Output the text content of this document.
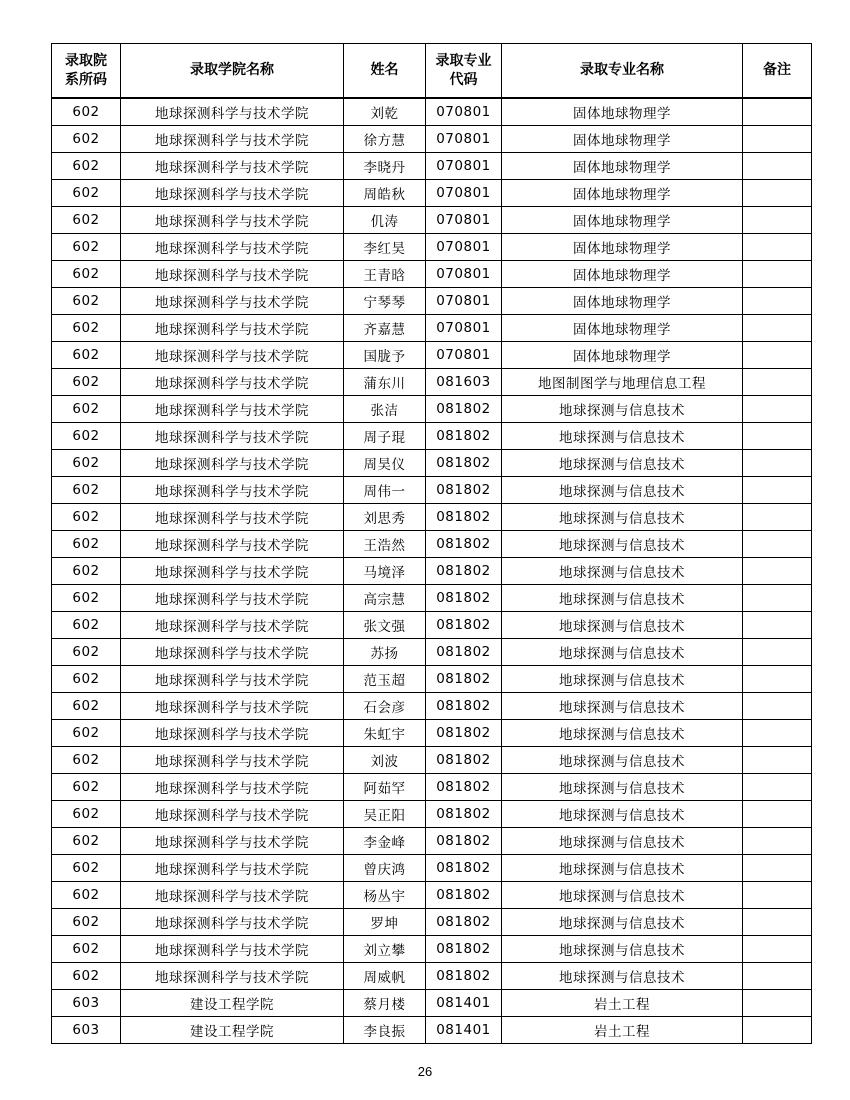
录取院系所码	录取学院名称	姓名	录取专业代码	录取专业名称	备注
602	地球探测科学与技术学院	刘乾	070801	固体地球物理学	
602	地球探测科学与技术学院	徐方慧	070801	固体地球物理学	
602	地球探测科学与技术学院	李晓丹	070801	固体地球物理学	
602	地球探测科学与技术学院	周皓秋	070801	固体地球物理学	
602	地球探测科学与技术学院	仉涛	070801	固体地球物理学	
602	地球探测科学与技术学院	李红昊	070801	固体地球物理学	
602	地球探测科学与技术学院	王青晗	070801	固体地球物理学	
602	地球探测科学与技术学院	宁琴琴	070801	固体地球物理学	
602	地球探测科学与技术学院	齐嘉慧	070801	固体地球物理学	
602	地球探测科学与技术学院	国胧予	070801	固体地球物理学	
602	地球探测科学与技术学院	蒲东川	081603	地图制图学与地理信息工程	
602	地球探测科学与技术学院	张洁	081802	地球探测与信息技术	
602	地球探测科学与技术学院	周子琨	081802	地球探测与信息技术	
602	地球探测科学与技术学院	周昊仪	081802	地球探测与信息技术	
602	地球探测科学与技术学院	周伟一	081802	地球探测与信息技术	
602	地球探测科学与技术学院	刘思秀	081802	地球探测与信息技术	
602	地球探测科学与技术学院	王浩然	081802	地球探测与信息技术	
602	地球探测科学与技术学院	马境泽	081802	地球探测与信息技术	
602	地球探测科学与技术学院	高宗慧	081802	地球探测与信息技术	
602	地球探测科学与技术学院	张文强	081802	地球探测与信息技术	
602	地球探测科学与技术学院	苏扬	081802	地球探测与信息技术	
602	地球探测科学与技术学院	范玉超	081802	地球探测与信息技术	
602	地球探测科学与技术学院	石会彦	081802	地球探测与信息技术	
602	地球探测科学与技术学院	朱虹宇	081802	地球探测与信息技术	
602	地球探测科学与技术学院	刘波	081802	地球探测与信息技术	
602	地球探测科学与技术学院	阿茹罕	081802	地球探测与信息技术	
602	地球探测科学与技术学院	吴正阳	081802	地球探测与信息技术	
602	地球探测科学与技术学院	李金峰	081802	地球探测与信息技术	
602	地球探测科学与技术学院	曾庆鸿	081802	地球探测与信息技术	
602	地球探测科学与技术学院	杨丛宇	081802	地球探测与信息技术	
602	地球探测科学与技术学院	罗坤	081802	地球探测与信息技术	
602	地球探测科学与技术学院	刘立攀	081802	地球探测与信息技术	
602	地球探测科学与技术学院	周威帆	081802	地球探测与信息技术	
603	建设工程学院	蔡月楼	081401	岩土工程	
603	建设工程学院	李良振	081401	岩土工程	
26
